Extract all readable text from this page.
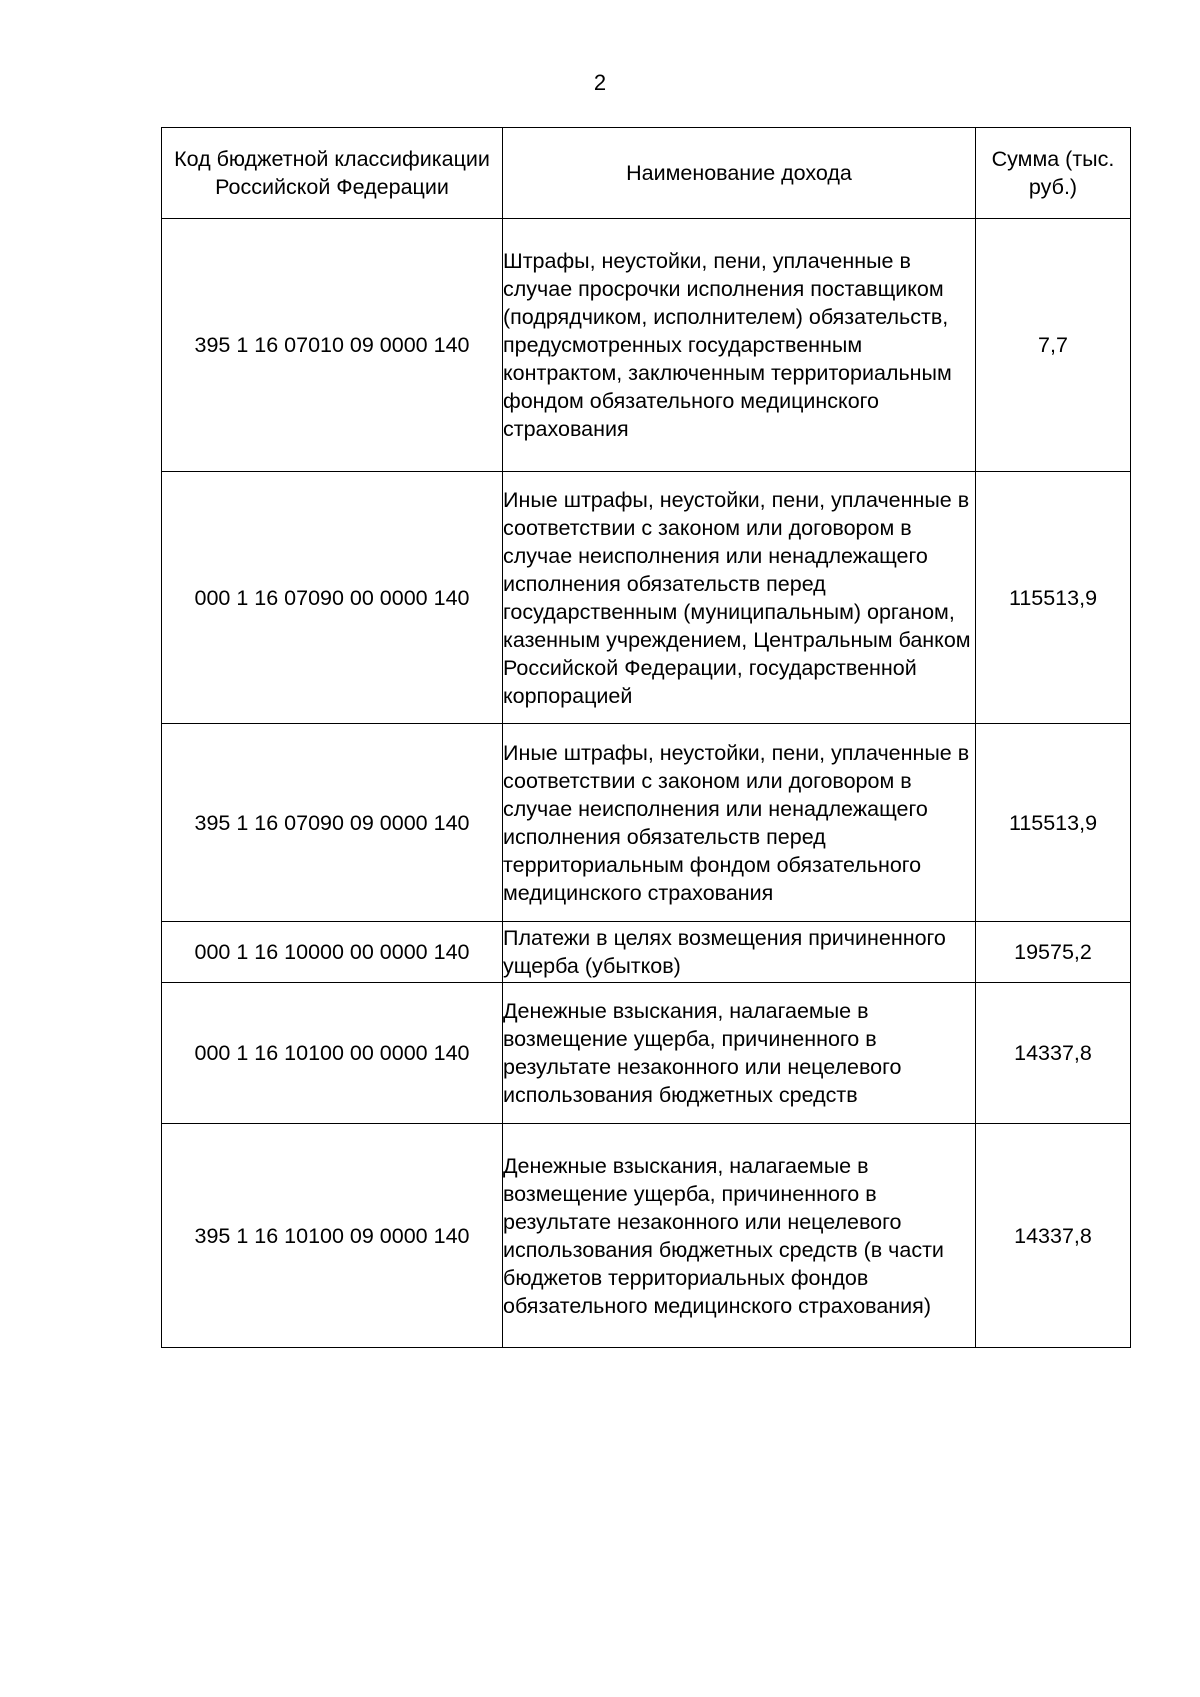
2
Код бюджетной классификации Российской Федерации	Наименование дохода	Сумма (тыс. руб.)
395 1 16 07010 09 0000 140	Штрафы, неустойки, пени, уплаченные в случае просрочки исполнения поставщиком (подрядчиком, исполнителем) обязательств, предусмотренных государственным контрактом, заключенным территориальным фондом обязательного медицинского страхования	7,7
000 1 16 07090 00 0000 140	Иные штрафы, неустойки, пени, уплаченные в соответствии с законом или договором в случае неисполнения или ненадлежащего исполнения обязательств перед государственным (муниципальным) органом, казенным учреждением, Центральным банком Российской Федерации, государственной корпорацией	115513,9
395 1 16 07090 09 0000 140	Иные штрафы, неустойки, пени, уплаченные в соответствии с законом или договором в случае неисполнения или ненадлежащего исполнения обязательств перед территориальным фондом обязательного медицинского страхования	115513,9
000 1 16 10000 00 0000 140	Платежи в целях возмещения причиненного ущерба (убытков)	19575,2
000 1 16 10100 00 0000 140	Денежные взыскания, налагаемые в возмещение ущерба, причиненного в результате незаконного или нецелевого использования бюджетных средств	14337,8
395 1 16 10100 09 0000 140	Денежные взыскания, налагаемые в возмещение ущерба, причиненного в результате незаконного или нецелевого использования бюджетных средств (в части бюджетов территориальных фондов обязательного медицинского страхования)	14337,8
